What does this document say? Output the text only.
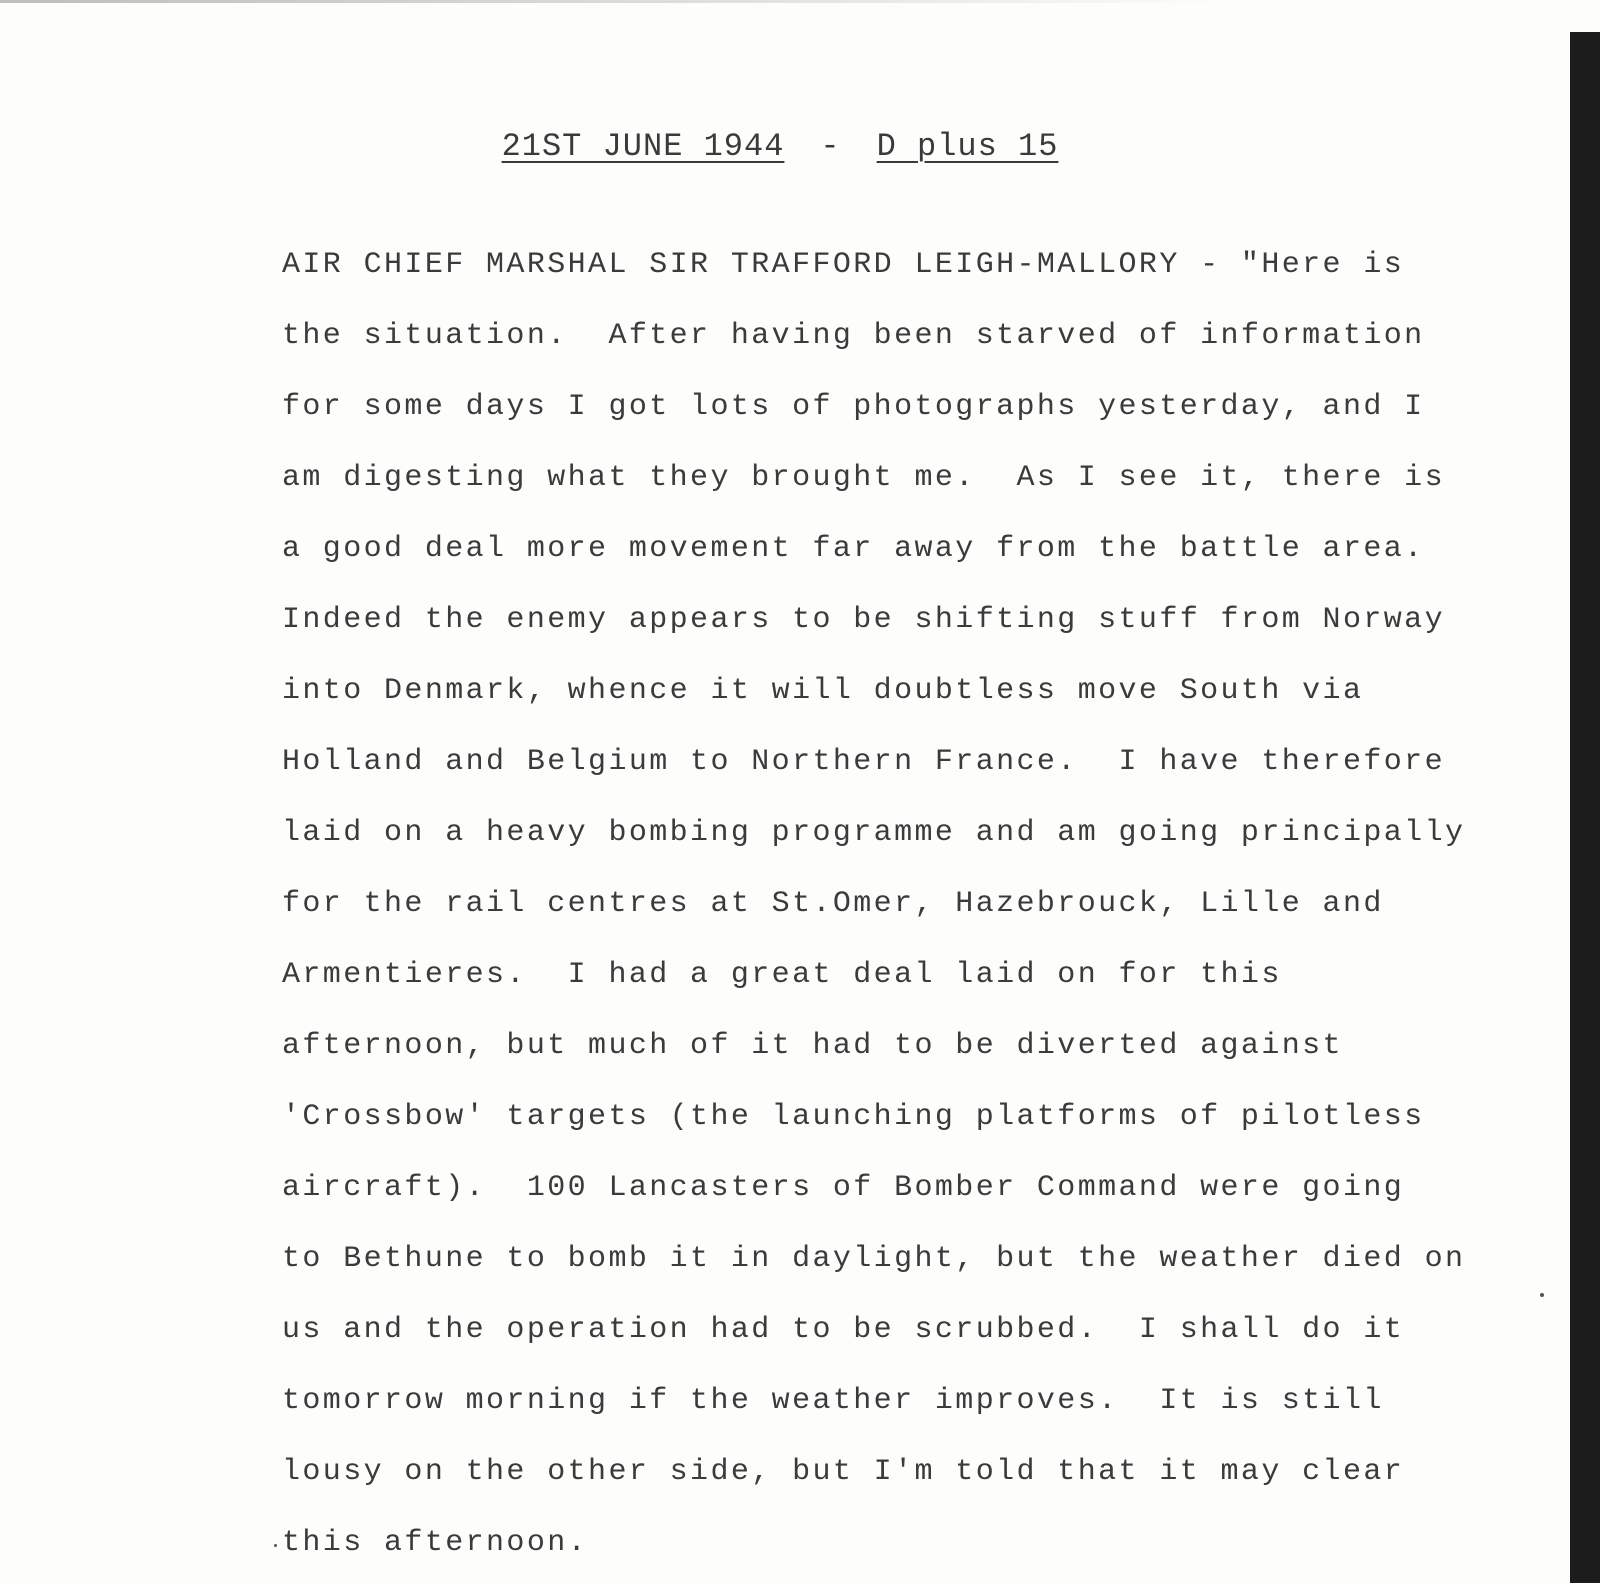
21ST JUNE 1944 - D plus 15
AIR CHIEF MARSHAL SIR TRAFFORD LEIGH-MALLORY - "Here is
the situation.  After having been starved of information
for some days I got lots of photographs yesterday, and I
am digesting what they brought me.  As I see it, there is
a good deal more movement far away from the battle area.
Indeed the enemy appears to be shifting stuff from Norway
into Denmark, whence it will doubtless move South via
Holland and Belgium to Northern France.  I have therefore
laid on a heavy bombing programme and am going principally
for the rail centres at St.Omer, Hazebrouck, Lille and
Armentieres.  I had a great deal laid on for this
afternoon, but much of it had to be diverted against
'Crossbow' targets (the launching platforms of pilotless
aircraft).  100 Lancasters of Bomber Command were going
to Bethune to bomb it in daylight, but the weather died on
us and the operation had to be scrubbed.  I shall do it
tomorrow morning if the weather improves.  It is still
lousy on the other side, but I'm told that it may clear
this afternoon.
